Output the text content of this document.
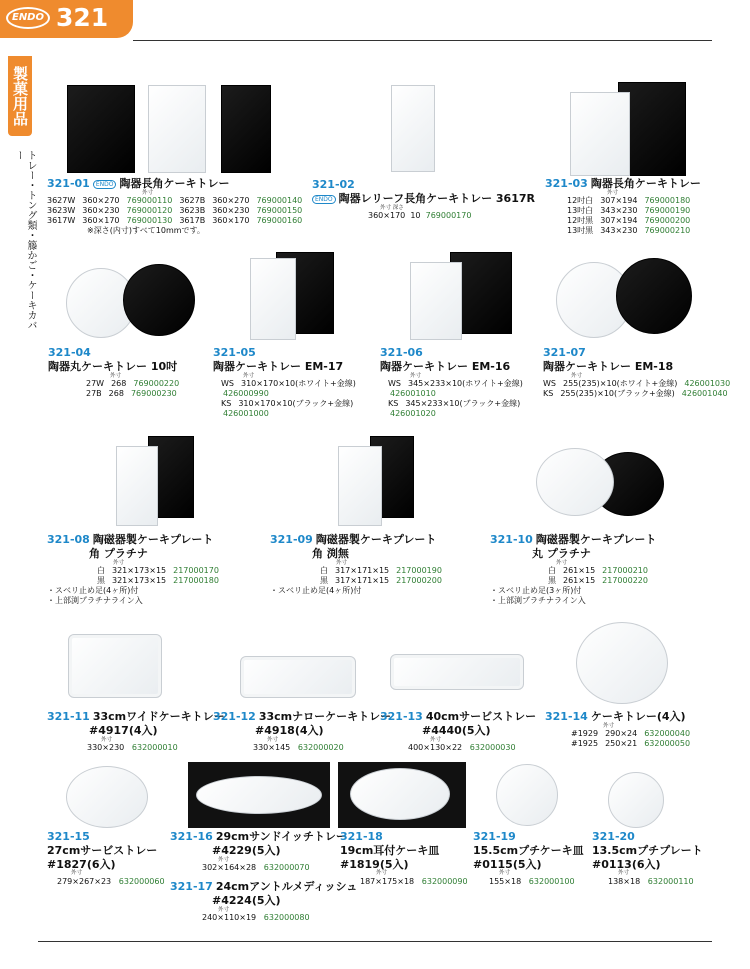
ENDO 321
製菓用品
トレー・トング類・籐かご・ケーキカバー
321-01 ENDO 陶器長角ケーキトレー
外寸
3627W 360×270 769000110 3627B 360×270 769000140
3623W 360×230 769000120 3623B 360×230 769000150
3617W 360×170 769000130 3617B 360×170 769000160
※深さ(内寸)すべて10mmです。
321-02
ENDO 陶器レリーフ長角ケーキトレー 3617R
外寸 深さ
360×170 10 769000170
321-03 陶器長角ケーキトレー
外寸
12吋白 307×194 769000180
13吋白 343×230 769000190
12吋黒 307×194 769000200
13吋黒 343×230 769000210
321-04
陶器丸ケーキトレー 10吋
外寸
27W 268 769000220
27B 268 769000230
321-05
陶器ケーキトレー EM-17
外寸
WS 310×170×10(ホワイト+金線)
426000990
KS 310×170×10(ブラック+金線)
426001000
321-06
陶器ケーキトレー EM-16
外寸
WS 345×233×10(ホワイト+金線)
426001010
KS 345×233×10(ブラック+金線)
426001020
321-07
陶器ケーキトレー EM-18
外寸
WS 255(235)×10(ホワイト+金線) 426001030
KS 255(235)×10(ブラック+金線) 426001040
321-08 陶磁器製ケーキプレート
角 プラチナ
外寸
白 321×173×15 217000170
黒 321×173×15 217000180
・スベリ止め足(4ヶ所)付
・上部渕プラチナライン入
321-09 陶磁器製ケーキプレート
角 渕無
外寸
白 317×171×15 217000190
黒 317×171×15 217000200
・スベリ止め足(4ヶ所)付
321-10 陶磁器製ケーキプレート
丸 プラチナ
外寸
白 261×15 217000210
黒 261×15 217000220
・スベリ止め足(3ヶ所)付
・上部渕プラチナライン入
321-11 33cmワイドケーキトレー
#4917(4入)
外寸
330×230 632000010
321-12 33cmナローケーキトレー
#4918(4入)
外寸
330×145 632000020
321-13 40cmサービストレー
#4440(5入)
外寸
400×130×22 632000030
321-14 ケーキトレー(4入)
外寸
#1929 290×24 632000040
#1925 250×21 632000050
321-15
27cmサービストレー
#1827(6入)
外寸
279×267×23 632000060
321-16 29cmサンドイッチトレー
#4229(5入)
外寸
302×164×28 632000070
321-17 24cmアントルメディッシュ
#4224(5入)
外寸
240×110×19 632000080
321-18
19cm耳付ケーキ皿
#1819(5入)
外寸
187×175×18 632000090
321-19
15.5cmプチケーキ皿
#0115(5入)
外寸
155×18 632000100
321-20
13.5cmプチプレート
#0113(6入)
外寸
138×18 632000110
